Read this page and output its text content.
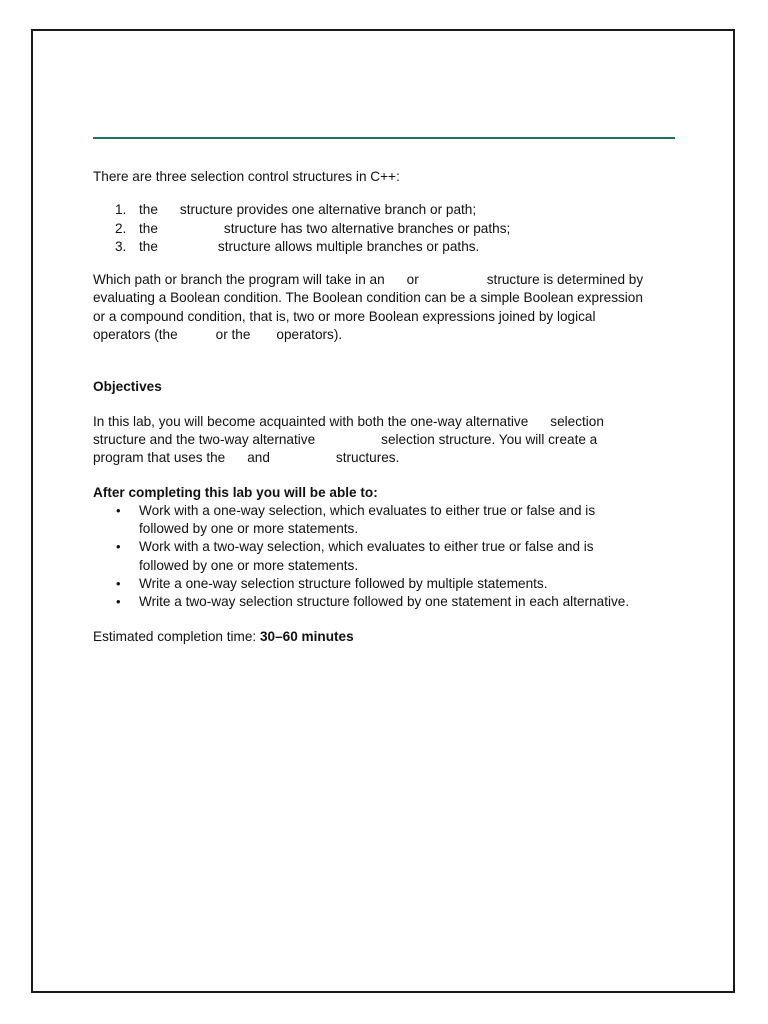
There are three selection control structures in C++:

1. the structure provides one alternative branch or path;
2. the	structure has two alternative branches or paths;
3. the	structure allows multiple branches or paths.

Which path or branch the program will take in an or	structure is determined by
evaluating a Boolean condition. The Boolean condition can be a simple Boolean expression
or a compound condition, that is, two or more Boolean expressions joined by logical
operators (the	or the operators).

Objectives

In this lab, you will become acquainted with both the one-way alternative selection
structure and the two-way alternative	selection structure. You will create a
program that uses the and	structures.

After completing this lab you will be able to:

• Work with a one-way selection, which evaluates to either true or false and is
followed by one or more statements.
• Work with a two-way selection, which evaluates to either true or false and is
followed by one or more statements.
• Write a one-way selection structure followed by multiple statements.
• Write a two-way selection structure followed by one statement in each alternative.

Estimated completion time: 30–60 minutes
